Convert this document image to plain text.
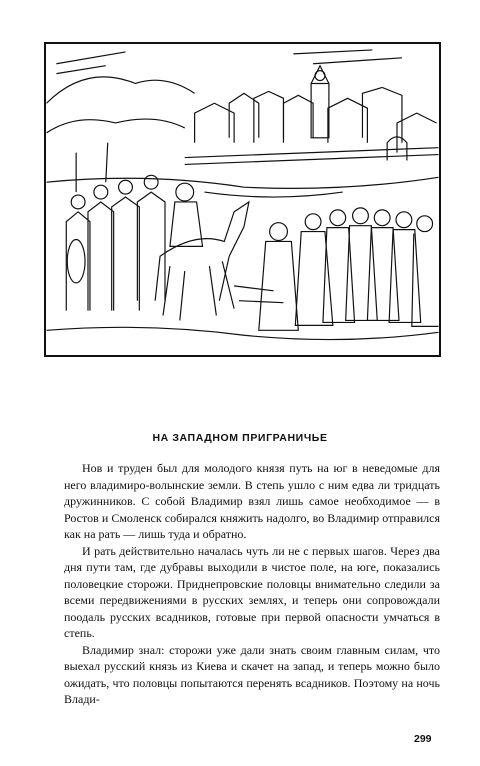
НА ЗАПАДНОМ ПРИГРАНИЧЬЕ

Нов и труден был для молодого князя путь на юг в неведомые для него владимиро-волынские земли. В степь ушло с ним едва ли тридцать дружинников. С собой Владимир взял лишь самое необходимое — в Ростов и Смоленск собирался княжить надолго, во Владимир отправился как на рать — лишь туда и обратно.

И рать действительно началась чуть ли не с первых шагов. Через два дня пути там, где дубравы выходили в чистое поле, на юге, показались половецкие сторожи. Приднепровские половцы внимательно следили за всеми передвижениями в русских землях, и теперь они сопровождали поодаль русских всадников, готовые при первой опасности умчаться в степь.

Владимир знал: сторожи уже дали знать своим главным силам, что выехал русский князь из Киева и скачет на запад, и теперь можно было ожидать, что половцы попытаются перенять всадников. Поэтому на ночь Влади-

299
